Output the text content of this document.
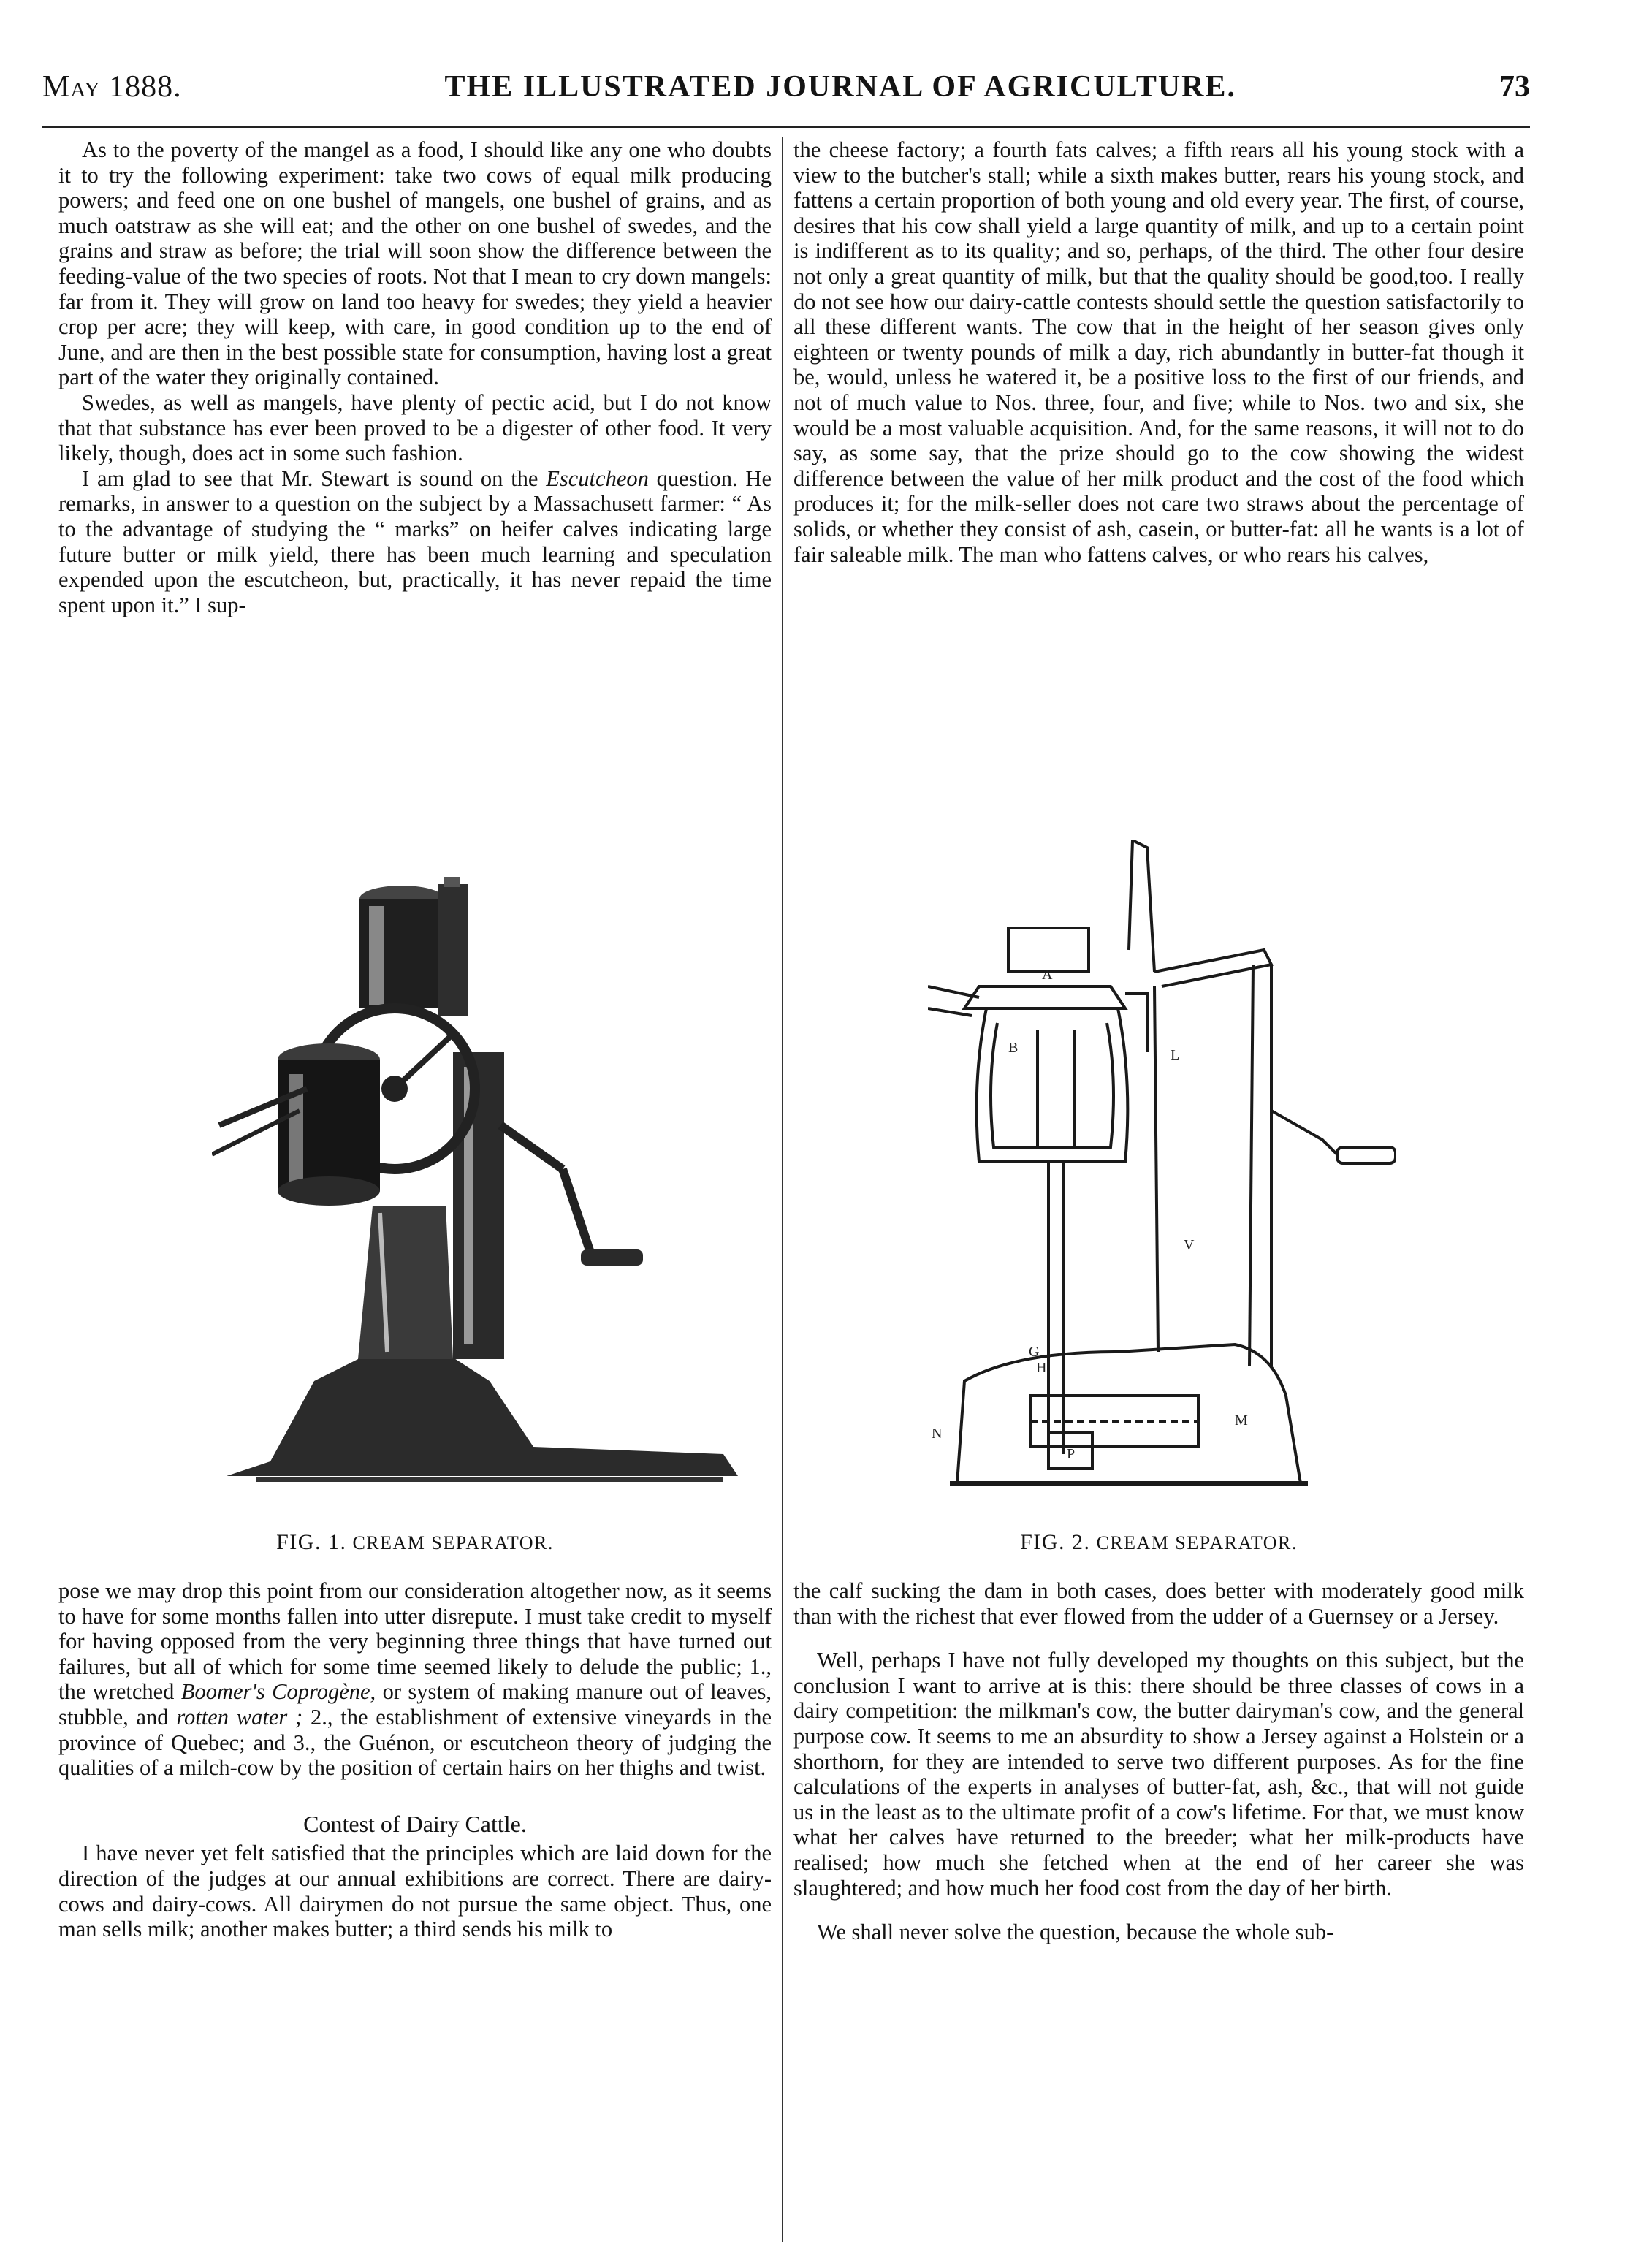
May 1888.	THE ILLUSTRATED JOURNAL OF AGRICULTURE.	73

As to the poverty of the mangel as a food, I should like any one who doubts it to try the following experiment: take two cows of equal milk producing powers; and feed one on one bushel of mangels, one bushel of grains, and as much oatstraw as she will eat; and the other on one bushel of swedes, and the grains and straw as before; the trial will soon show the difference between the feeding-value of the two species of roots. Not that I mean to cry down mangels: far from it. They will grow on land too heavy for swedes; they yield a heavier crop per acre; they will keep, with care, in good condition up to the end of June, and are then in the best possible state for consumption, having lost a great part of the water they originally contained.

Swedes, as well as mangels, have plenty of pectic acid, but I do not know that that substance has ever been proved to be a digester of other food. It very likely, though, does act in some such fashion.

I am glad to see that Mr. Stewart is sound on the Escutcheon question. He remarks, in answer to a question on the subject by a Massachusett farmer: “ As to the advantage of studying the “ marks” on heifer calves indicating large future butter or milk yield, there has been much learning and speculation expended upon the escutcheon, but, practically, it has never repaid the time spent upon it.” I sup-

the cheese factory; a fourth fats calves; a fifth rears all his young stock with a view to the butcher's stall; while a sixth makes butter, rears his young stock, and fattens a certain proportion of both young and old every year. The first, of course, desires that his cow shall yield a large quantity of milk, and up to a certain point is indifferent as to its quality; and so, perhaps, of the third. The other four desire not only a great quantity of milk, but that the quality should be good,too. I really do not see how our dairy-cattle contests should settle the question satisfactorily to all these different wants. The cow that in the height of her season gives only eighteen or twenty pounds of milk a day, rich abundantly in butter-fat though it be, would, unless he watered it, be a positive loss to the first of our friends, and not of much value to Nos. three, four, and five; while to Nos. two and six, she would be a most valuable acquisition. And, for the same reasons, it will not to do say, as some say, that the prize should go to the cow showing the widest difference between the value of her milk product and the cost of the food which produces it; for the milk-seller does not care two straws about the percentage of solids, or whether they consist of ash, casein, or butter-fat: all he wants is a lot of fair saleable milk. The man who fattens calves, or who rears his calves,

FIG. 1. CREAM SEPARATOR.
A
B	L
V
G
H
M
N
P
FIG. 2. CREAM SEPARATOR.

pose we may drop this point from our consideration altogether now, as it seems to have for some months fallen into utter disrepute. I must take credit to myself for having opposed from the very beginning three things that have turned out failures, but all of which for some time seemed likely to delude the public; 1., the wretched Boomer's Coprogène, or system of making manure out of leaves, stubble, and rotten water ; 2., the establishment of extensive vineyards in the province of Quebec; and 3., the Guénon, or escutcheon theory of judging the qualities of a milch-cow by the position of certain hairs on her thighs and twist.

Contest of Dairy Cattle.

I have never yet felt satisfied that the principles which are laid down for the direction of the judges at our annual exhibitions are correct. There are dairy-cows and dairy-cows. All dairymen do not pursue the same object. Thus, one man sells milk; another makes butter; a third sends his milk to

the calf sucking the dam in both cases, does better with moderately good milk than with the richest that ever flowed from the udder of a Guernsey or a Jersey.

Well, perhaps I have not fully developed my thoughts on this subject, but the conclusion I want to arrive at is this: there should be three classes of cows in a dairy competition: the milkman's cow, the butter dairyman's cow, and the general purpose cow. It seems to me an absurdity to show a Jersey against a Holstein or a shorthorn, for they are intended to serve two different purposes. As for the fine calculations of the experts in analyses of butter-fat, ash, &c., that will not guide us in the least as to the ultimate profit of a cow's lifetime. For that, we must know what her calves have returned to the breeder; what her milk-products have realised; how much she fetched when at the end of her career she was slaughtered; and how much her food cost from the day of her birth.

We shall never solve the question, because the whole sub-
